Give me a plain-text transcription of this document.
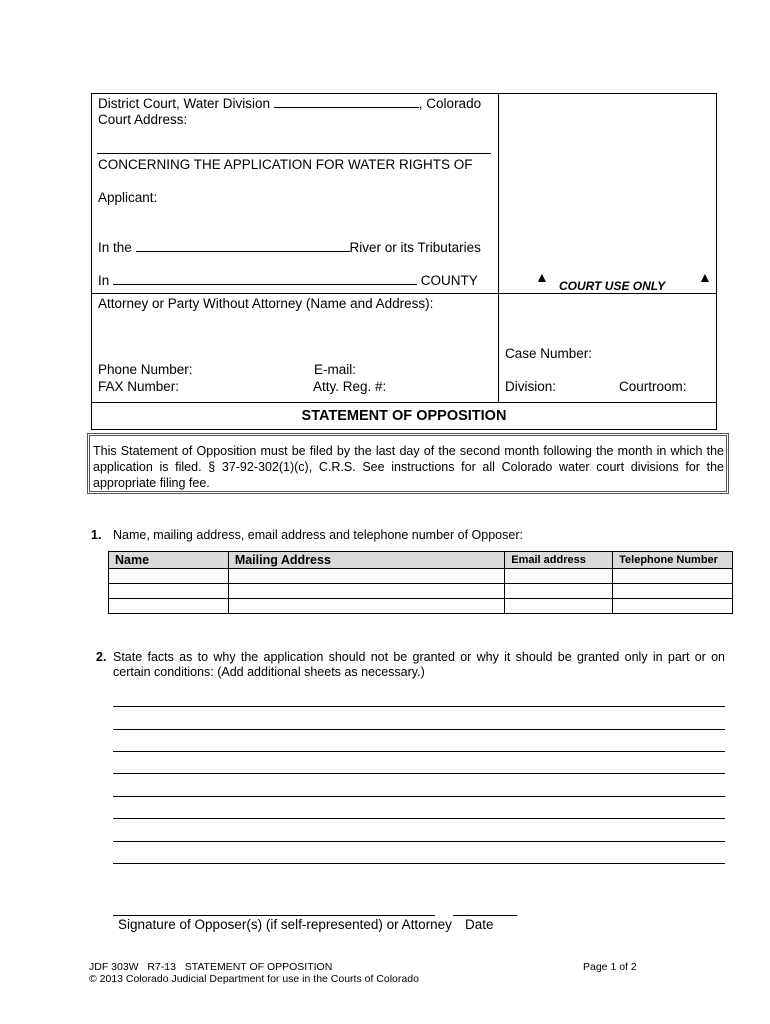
District Court, Water Division	, Colorado
Court Address:
CONCERNING THE APPLICATION FOR WATER RIGHTS OF
Applicant:
In the	River or its Tributaries
In	COUNTY	▲
COURT USE ONLY
▲
Attorney or Party Without Attorney (Name and Address):
Phone Number:	E-mail:
FAX Number:	Atty. Reg. #:
Case Number:
Division:	Courtroom:
STATEMENT OF OPPOSITION
This Statement of Opposition must be filed by the last day of the second month following the month in which the application is filed. § 37-92-302(1)(c), C.R.S. See instructions for all Colorado water court divisions for the appropriate filing fee.
1. Name, mailing address, email address and telephone number of Opposer:
Name	Mailing Address	Email address	Telephone Number

2. State facts as to why the application should not be granted or why it should be granted only in part or on certain conditions: (Add additional sheets as necessary.)
Signature of Opposer(s) (if self-represented) or Attorney Date
JDF 303W   R7-13   STATEMENT OF OPPOSITION
© 2013 Colorado Judicial Department for use in the Courts of Colorado
Page 1 of 2
